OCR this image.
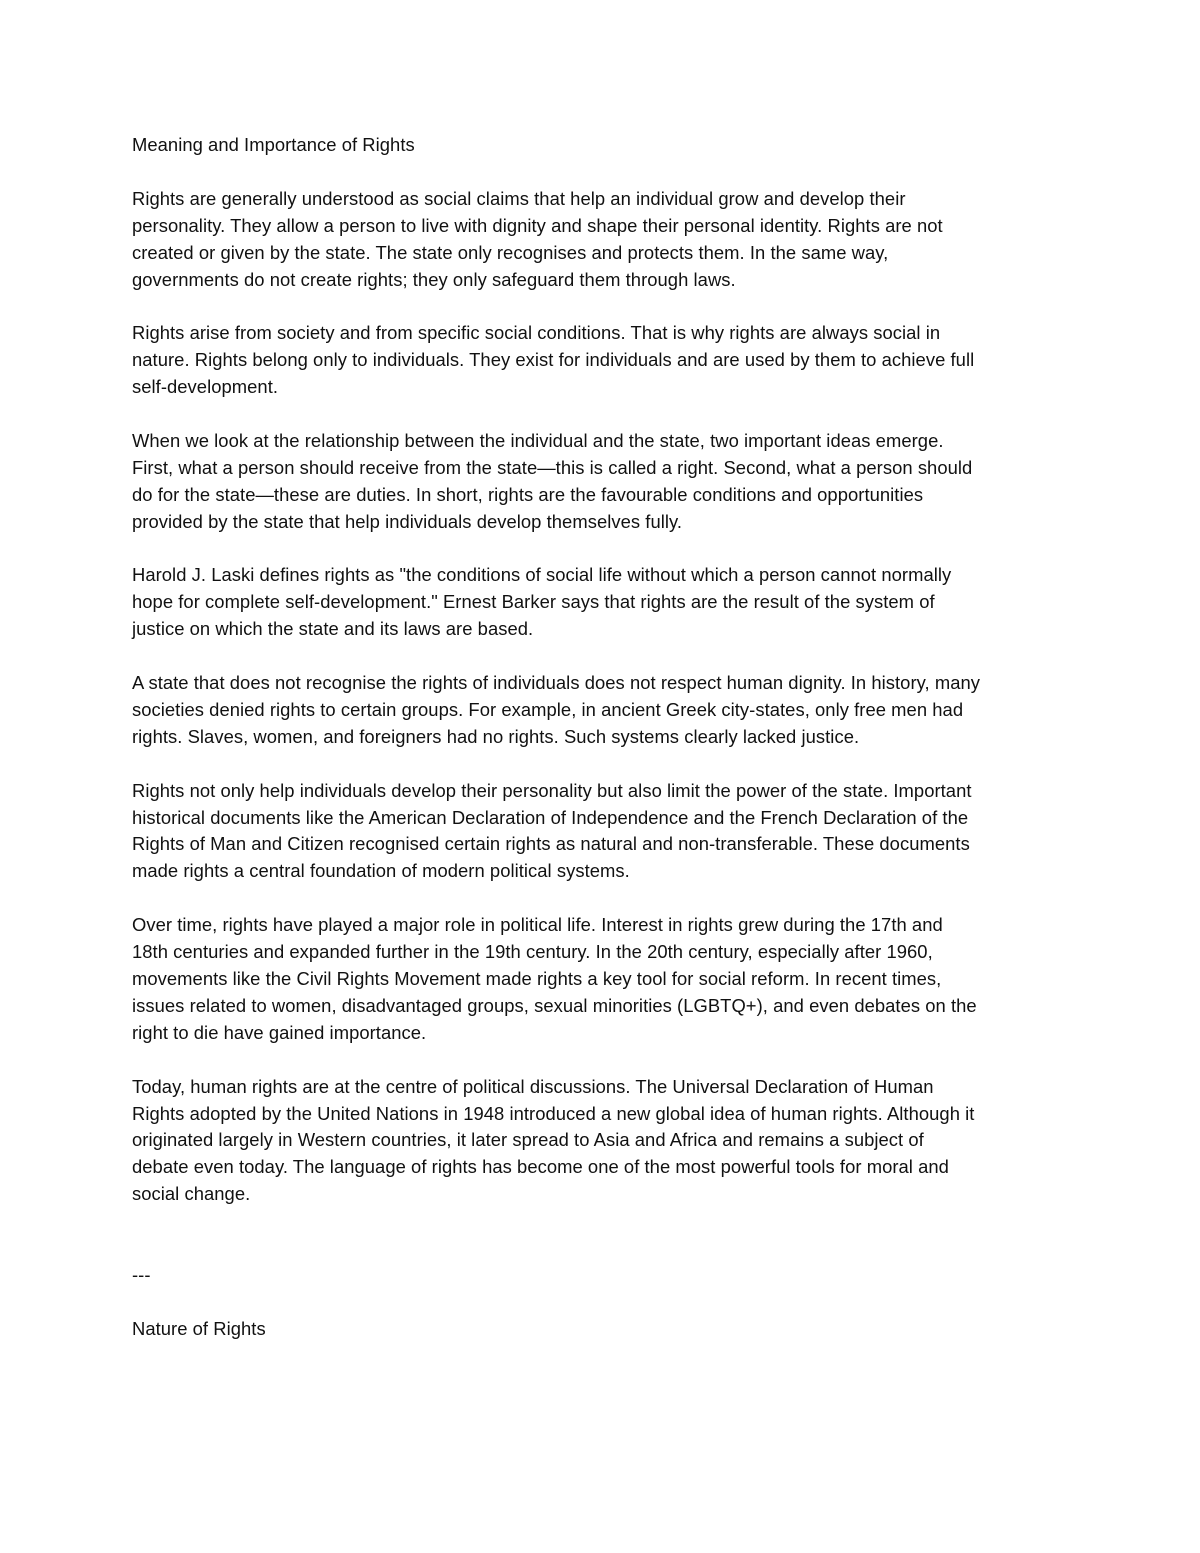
Meaning and Importance of Rights

Rights are generally understood as social claims that help an individual grow and develop their personality. They allow a person to live with dignity and shape their personal identity. Rights are not created or given by the state. The state only recognises and protects them. In the same way, governments do not create rights; they only safeguard them through laws.

Rights arise from society and from specific social conditions. That is why rights are always social in nature. Rights belong only to individuals. They exist for individuals and are used by them to achieve full self-development.

When we look at the relationship between the individual and the state, two important ideas emerge. First, what a person should receive from the state—this is called a right. Second, what a person should do for the state—these are duties. In short, rights are the favourable conditions and opportunities provided by the state that help individuals develop themselves fully.

Harold J. Laski defines rights as "the conditions of social life without which a person cannot normally hope for complete self-development." Ernest Barker says that rights are the result of the system of justice on which the state and its laws are based.

A state that does not recognise the rights of individuals does not respect human dignity. In history, many societies denied rights to certain groups. For example, in ancient Greek city-states, only free men had rights. Slaves, women, and foreigners had no rights. Such systems clearly lacked justice.

Rights not only help individuals develop their personality but also limit the power of the state. Important historical documents like the American Declaration of Independence and the French Declaration of the Rights of Man and Citizen recognised certain rights as natural and non-transferable. These documents made rights a central foundation of modern political systems.

Over time, rights have played a major role in political life. Interest in rights grew during the 17th and 18th centuries and expanded further in the 19th century. In the 20th century, especially after 1960, movements like the Civil Rights Movement made rights a key tool for social reform. In recent times, issues related to women, disadvantaged groups, sexual minorities (LGBTQ+), and even debates on the right to die have gained importance.

Today, human rights are at the centre of political discussions. The Universal Declaration of Human Rights adopted by the United Nations in 1948 introduced a new global idea of human rights. Although it originated largely in Western countries, it later spread to Asia and Africa and remains a subject of debate even today. The language of rights has become one of the most powerful tools for moral and social change.

---

Nature of Rights
